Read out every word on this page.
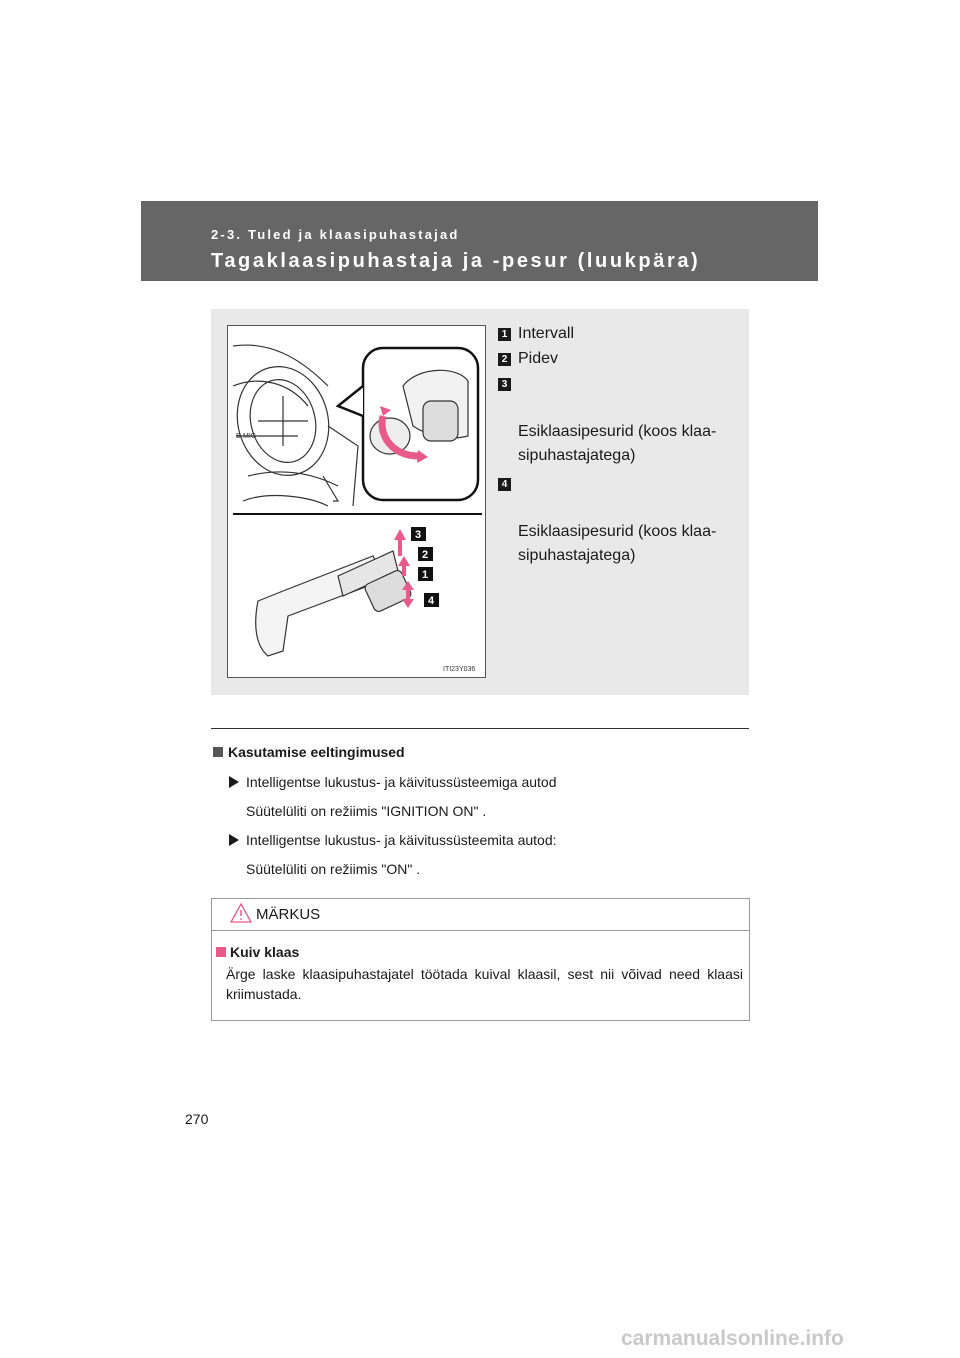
2-3. Tuled ja klaasipuhastajad
Tagaklaasipuhastaja ja -pesur (luukpära)
B-MIG
3
2
1
4
ITI23Y036
1 Intervall
2 Pidev

3

Esiklaasipesurid (koos klaa-
sipuhastajatega)

4

Esiklaasipesurid (koos klaa-
sipuhastajatega)

Kasutamise eeltingimused
Intelligentse lukustus- ja käivitussüsteemiga autod
Süütelüliti on režiimis "IGNITION ON" .
Intelligentse lukustus- ja käivitussüsteemita autod:
Süütelüliti on režiimis "ON" .
MÄRKUS
Kuiv klaas
Ärge laske klaasipuhastajatel töötada kuival klaasil, sest nii võivad need klaasi kriimustada.
270
carmanualsonline.info
